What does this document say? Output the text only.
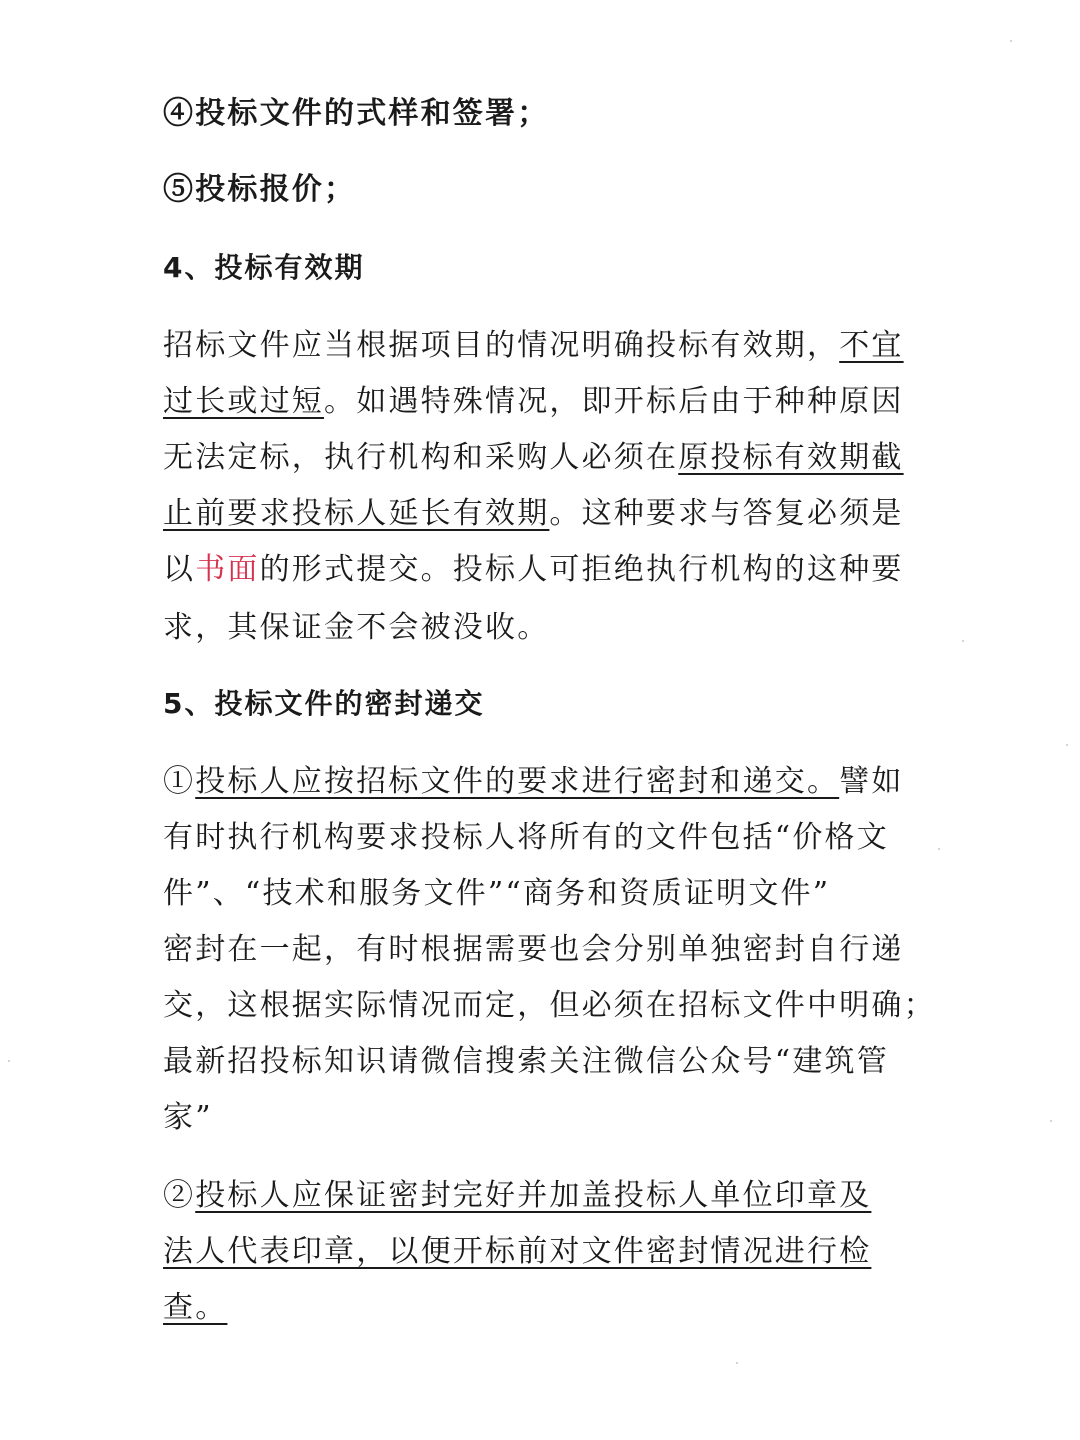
④投标文件的式样和签署；
⑤投标报价；
4、投标有效期
招标文件应当根据项目的情况明确投标有效期，不宜
过长或过短。如遇特殊情况，即开标后由于种种原因
无法定标，执行机构和采购人必须在原投标有效期截
止前要求投标人延长有效期。这种要求与答复必须是
以书面的形式提交。投标人可拒绝执行机构的这种要
求，其保证金不会被没收。
5、投标文件的密封递交
①投标人应按招标文件的要求进行密封和递交。譬如
有时执行机构要求投标人将所有的文件包括“价格文
件”、“技术和服务文件”“商务和资质证明文件”
密封在一起，有时根据需要也会分别单独密封自行递
交，这根据实际情况而定，但必须在招标文件中明确；
最新招投标知识请微信搜索关注微信公众号“建筑管
家”
②投标人应保证密封完好并加盖投标人单位印章及
法人代表印章，以便开标前对文件密封情况进行检
查。
